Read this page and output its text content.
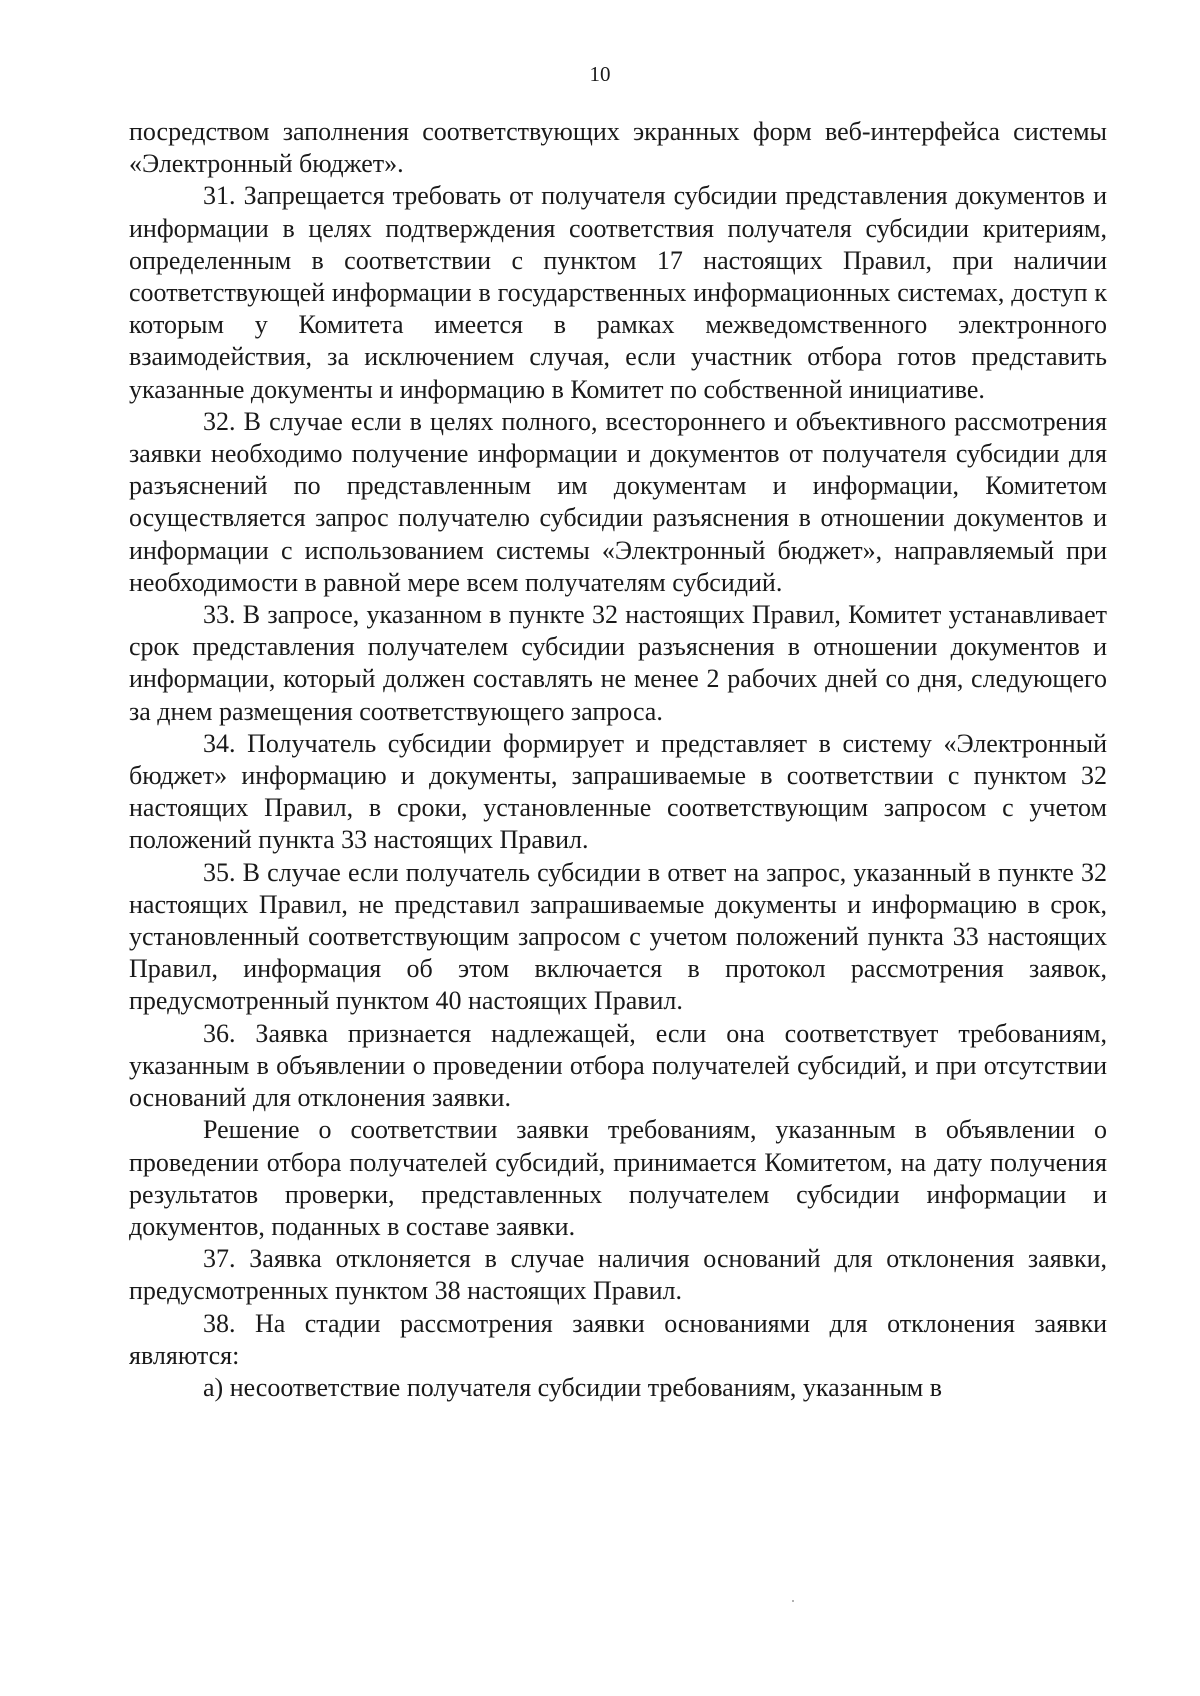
10

посредством заполнения соответствующих экранных форм веб-интерфейса системы «Электронный бюджет».

31. Запрещается требовать от получателя субсидии представления документов и информации в целях подтверждения соответствия получателя субсидии критериям, определенным в соответствии с пунктом 17 настоящих Правил, при наличии соответствующей информации в государственных информационных системах, доступ к которым у Комитета имеется в рамках межведомственного электронного взаимодействия, за исключением случая, если участник отбора готов представить указанные документы и информацию в Комитет по собственной инициативе.

32. В случае если в целях полного, всестороннего и объективного рассмотрения заявки необходимо получение информации и документов от получателя субсидии для разъяснений по представленным им документам и информации, Комитетом осуществляется запрос получателю субсидии разъяснения в отношении документов и информации с использованием системы «Электронный бюджет», направляемый при необходимости в равной мере всем получателям субсидий.

33. В запросе, указанном в пункте 32 настоящих Правил, Комитет устанавливает срок представления получателем субсидии разъяснения в отношении документов и информации, который должен составлять не менее 2 рабочих дней со дня, следующего за днем размещения соответствующего запроса.

34. Получатель субсидии формирует и представляет в систему «Электронный бюджет» информацию и документы, запрашиваемые в соответствии с пунктом 32 настоящих Правил, в сроки, установленные соответствующим запросом с учетом положений пункта 33 настоящих Правил.

35. В случае если получатель субсидии в ответ на запрос, указанный в пункте 32 настоящих Правил, не представил запрашиваемые документы и информацию в срок, установленный соответствующим запросом с учетом положений пункта 33 настоящих Правил, информация об этом включается в протокол рассмотрения заявок, предусмотренный пунктом 40 настоящих Правил.

36. Заявка признается надлежащей, если она соответствует требованиям, указанным в объявлении о проведении отбора получателей субсидий, и при отсутствии оснований для отклонения заявки.

Решение о соответствии заявки требованиям, указанным в объявлении о проведении отбора получателей субсидий, принимается Комитетом, на дату получения результатов проверки, представленных получателем субсидии информации и документов, поданных в составе заявки.

37. Заявка отклоняется в случае наличия оснований для отклонения заявки, предусмотренных пунктом 38 настоящих Правил.

38. На стадии рассмотрения заявки основаниями для отклонения заявки являются:

а) несоответствие получателя субсидии требованиям, указанным в
